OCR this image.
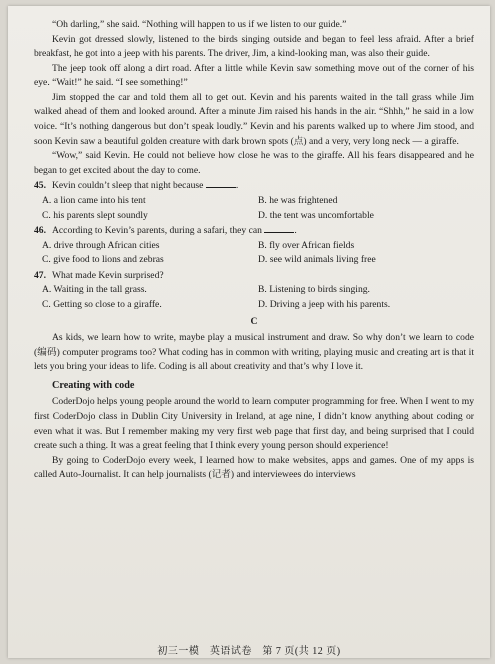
“Oh darling,” she said. “Nothing will happen to us if we listen to our guide.”

Kevin got dressed slowly, listened to the birds singing outside and began to feel less afraid. After a brief breakfast, he got into a jeep with his parents. The driver, Jim, a kind-looking man, was also their guide.

The jeep took off along a dirt road. After a little while Kevin saw something move out of the corner of his eye. “Wait!” he said. “I see something!”

Jim stopped the car and told them all to get out. Kevin and his parents waited in the tall grass while Jim walked ahead of them and looked around. After a minute Jim raised his hands in the air. “Shhh,” he said in a low voice. “It’s nothing dangerous but don’t speak loudly.” Kevin and his parents walked up to where Jim stood, and soon Kevin saw a beautiful golden creature with dark brown spots (点) and a very, very long neck — a giraffe.

“Wow,” said Kevin. He could not believe how close he was to the giraffe. All his fears disappeared and he began to get excited about the day to come.

45. Kevin couldn’t sleep that night because	.
A. a lion came into his tent	B. he was frightened
C. his parents slept soundly	D. the tent was uncomfortable
46. According to Kevin’s parents, during a safari, they can	.
A. drive through African cities	B. fly over African fields
C. give food to lions and zebras	D. see wild animals living free
47. What made Kevin surprised?
A. Waiting in the tall grass.	B. Listening to birds singing.
C. Getting so close to a giraffe.	D. Driving a jeep with his parents.
C

As kids, we learn how to write, maybe play a musical instrument and draw. So why don’t we learn to code (编码) computer programs too? What coding has in common with writing, playing music and creating art is that it lets you bring your ideas to life. Coding is all about creativity and that’s why I love it.

Creating with code

CoderDojo helps young people around the world to learn computer programming for free. When I went to my first CoderDojo class in Dublin City University in Ireland, at age nine, I didn’t know anything about coding or even what it was. But I remember making my very first web page that first day, and being surprised that I could create such a thing. It was a great feeling that I think every young person should experience!

By going to CoderDojo every week, I learned how to make websites, apps and games. One of my apps is called Auto-Journalist. It can help journalists (记者) and interviewees do interviews

初三一模　英语试卷　第 7 页(共 12 页)
